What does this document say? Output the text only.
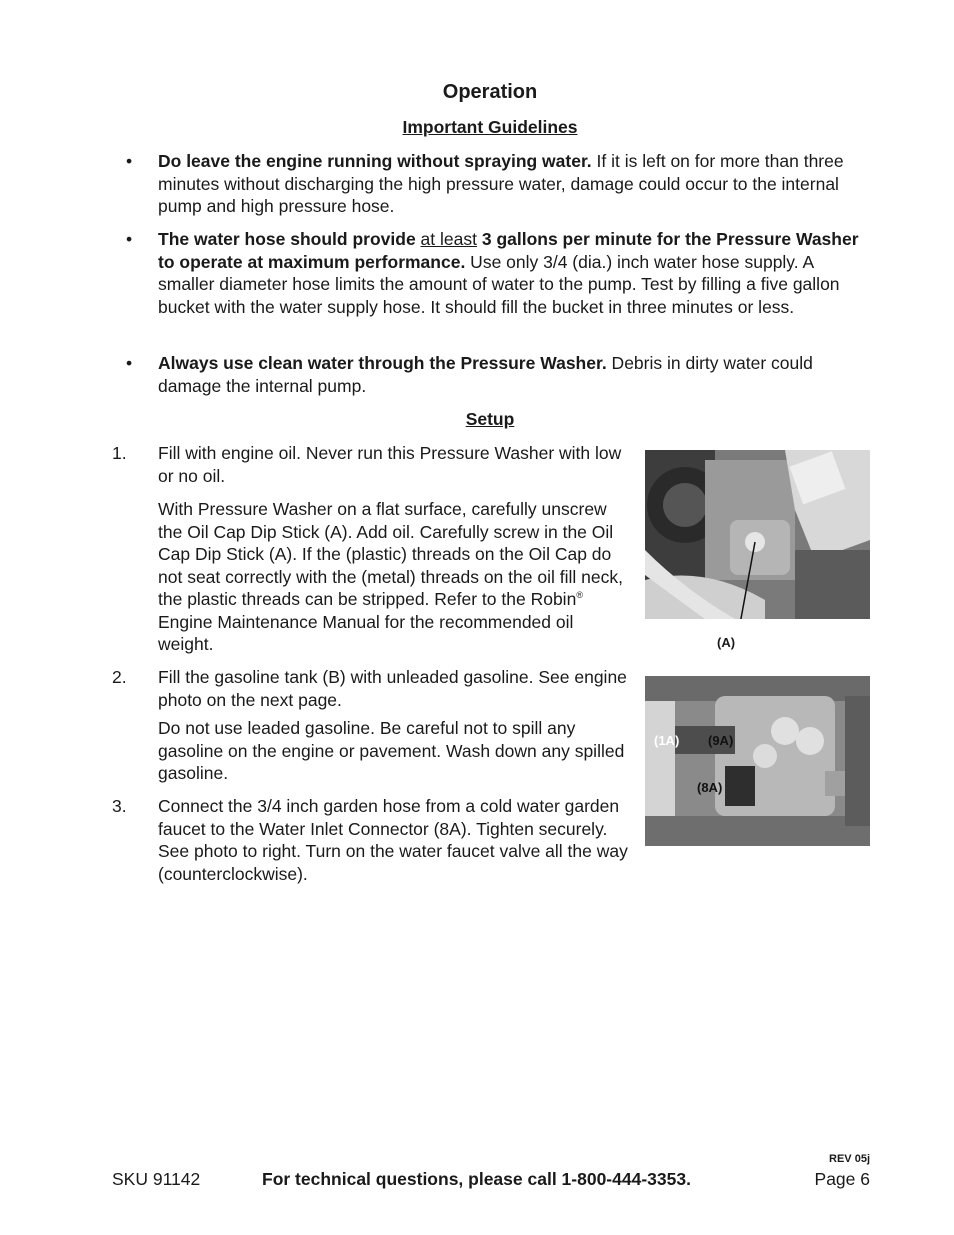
Operation
Important Guidelines
• Do leave the engine running without spraying water. If it is left on for more than three minutes without discharging the high pressure water, damage could occur to the internal pump and high pressure hose.
• The water hose should provide at least 3 gallons per minute for the Pressure Washer to operate at maximum performance. Use only 3/4 (dia.) inch water hose supply. A smaller diameter hose limits the amount of water to the pump. Test by filling a five gallon bucket with the water supply hose. It should fill the bucket in three minutes or less.
• Always use clean water through the Pressure Washer. Debris in dirty water could damage the internal pump.
Setup
1. Fill with engine oil. Never run this Pressure Washer with low or no oil.
With Pressure Washer on a flat surface, carefully unscrew the Oil Cap Dip Stick (A). Add oil. Carefully screw in the Oil Cap Dip Stick (A). If the (plastic) threads on the Oil Cap do not seat correctly with the (metal) threads on the oil fill neck, the plastic threads can be stripped. Refer to the Robin® Engine Maintenance Manual for the recommended oil weight.
2. Fill the gasoline tank (B) with unleaded gasoline. See engine photo on the next page.
Do not use leaded gasoline. Be careful not to spill any gasoline on the engine or pavement. Wash down any spilled gasoline.
3. Connect the 3/4 inch garden hose from a cold water garden faucet to the Water Inlet Connector (8A). Tighten securely. See photo to right. Turn on the water faucet valve all the way (counterclockwise).
(A)
(1A) (9A)
(8A)
REV 05j
SKU 91142	For technical questions, please call 1-800-444-3353.	Page 6
